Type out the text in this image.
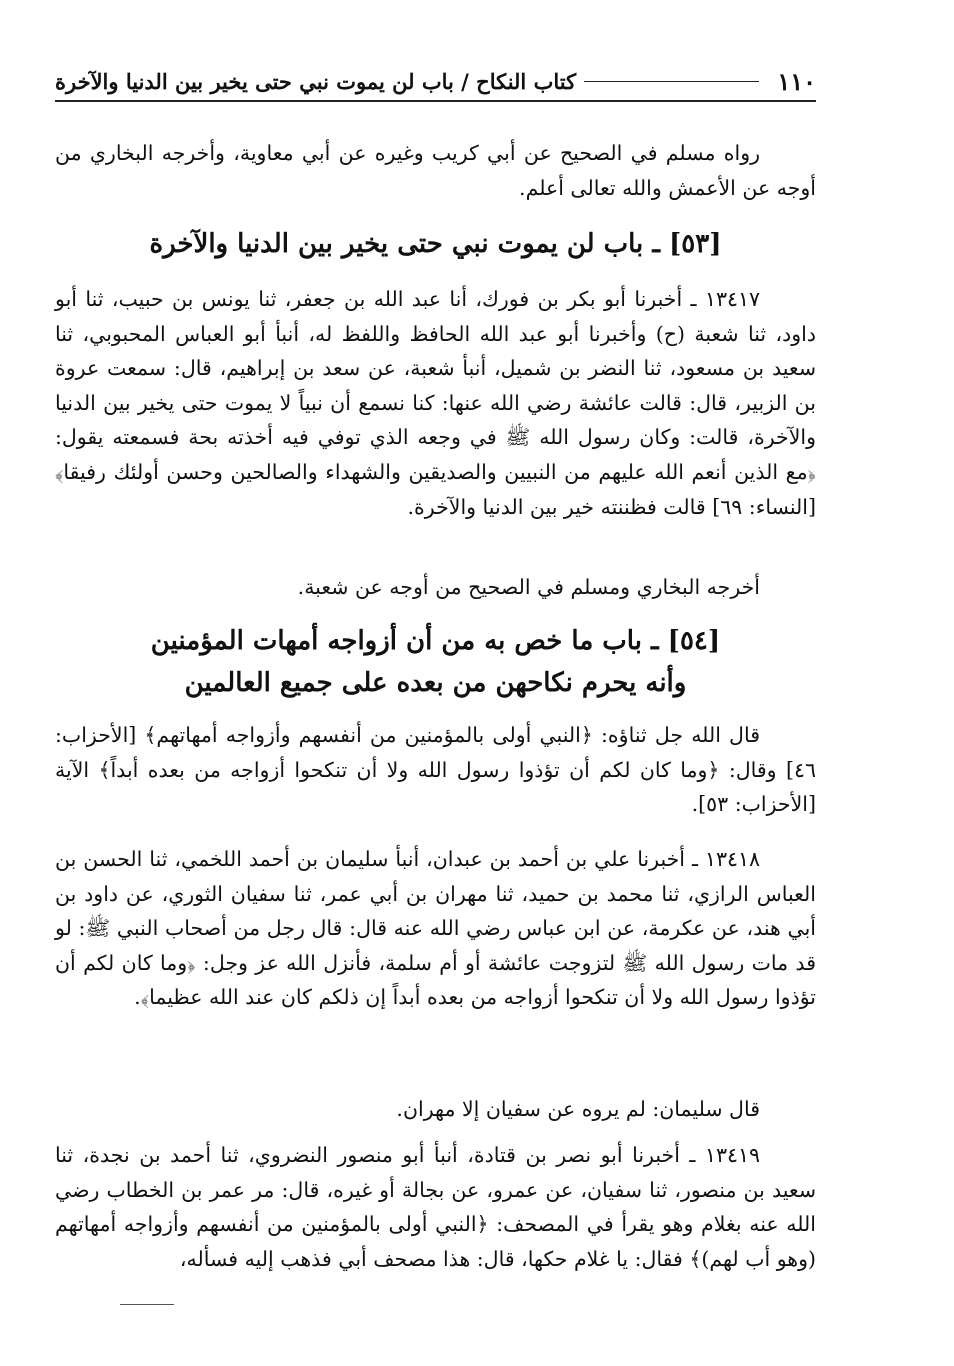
١١٠
كتاب النكاح / باب لن يموت نبي حتى يخير بين الدنيا والآخرة
رواه مسلم في الصحيح عن أبي كريب وغيره عن أبي معاوية، وأخرجه البخاري من أوجه عن الأعمش والله تعالى أعلم.
[٥٣] ـ باب لن يموت نبي حتى يخير بين الدنيا والآخرة
١٣٤١٧ ـ أخبرنا أبو بكر بن فورك، أنا عبد الله بن جعفر، ثنا يونس بن حبيب، ثنا أبو داود، ثنا شعبة (ح) وأخبرنا أبو عبد الله الحافظ واللفظ له، أنبأ أبو العباس المحبوبي، ثنا سعيد بن مسعود، ثنا النضر بن شميل، أنبأ شعبة، عن سعد بن إبراهيم، قال: سمعت عروة بن الزبير، قال: قالت عائشة رضي الله عنها: كنا نسمع أن نبياً لا يموت حتى يخير بين الدنيا والآخرة، قالت: وكان رسول الله ﷺ في وجعه الذي توفي فيه أخذته بحة فسمعته يقول: ﴿مع الذين أنعم الله عليهم من النبيين والصديقين والشهداء والصالحين وحسن أولئك رفيقا﴾ [النساء: ٦٩] قالت فظننته خير بين الدنيا والآخرة.
أخرجه البخاري ومسلم في الصحيح من أوجه عن شعبة.
[٥٤] ـ باب ما خص به من أن أزواجه أمهات المؤمنين
وأنه يحرم نكاحهن من بعده على جميع العالمين
قال الله جل ثناؤه: ﴿النبي أولى بالمؤمنين من أنفسهم وأزواجه أمهاتهم﴾ [الأحزاب: ٤٦] وقال: ﴿وما كان لكم أن تؤذوا رسول الله ولا أن تنكحوا أزواجه من بعده أبداً﴾ الآية [الأحزاب: ٥٣].
١٣٤١٨ ـ أخبرنا علي بن أحمد بن عبدان، أنبأ سليمان بن أحمد اللخمي، ثنا الحسن بن العباس الرازي، ثنا محمد بن حميد، ثنا مهران بن أبي عمر، ثنا سفيان الثوري، عن داود بن أبي هند، عن عكرمة، عن ابن عباس رضي الله عنه قال: قال رجل من أصحاب النبي ﷺ: لو قد مات رسول الله ﷺ لتزوجت عائشة أو أم سلمة، فأنزل الله عز وجل: ﴿وما كان لكم أن تؤذوا رسول الله ولا أن تنكحوا أزواجه من بعده أبداً إن ذلكم كان عند الله عظيما﴾.
قال سليمان: لم يروه عن سفيان إلا مهران.
١٣٤١٩ ـ أخبرنا أبو نصر بن قتادة، أنبأ أبو منصور النضروي، ثنا أحمد بن نجدة، ثنا سعيد بن منصور، ثنا سفيان، عن عمرو، عن بجالة أو غيره، قال: مر عمر بن الخطاب رضي الله عنه بغلام وهو يقرأ في المصحف: ﴿النبي أولى بالمؤمنين من أنفسهم وأزواجه أمهاتهم (وهو أب لهم)﴾ فقال: يا غلام حكها، قال: هذا مصحف أبي فذهب إليه فسأله،
